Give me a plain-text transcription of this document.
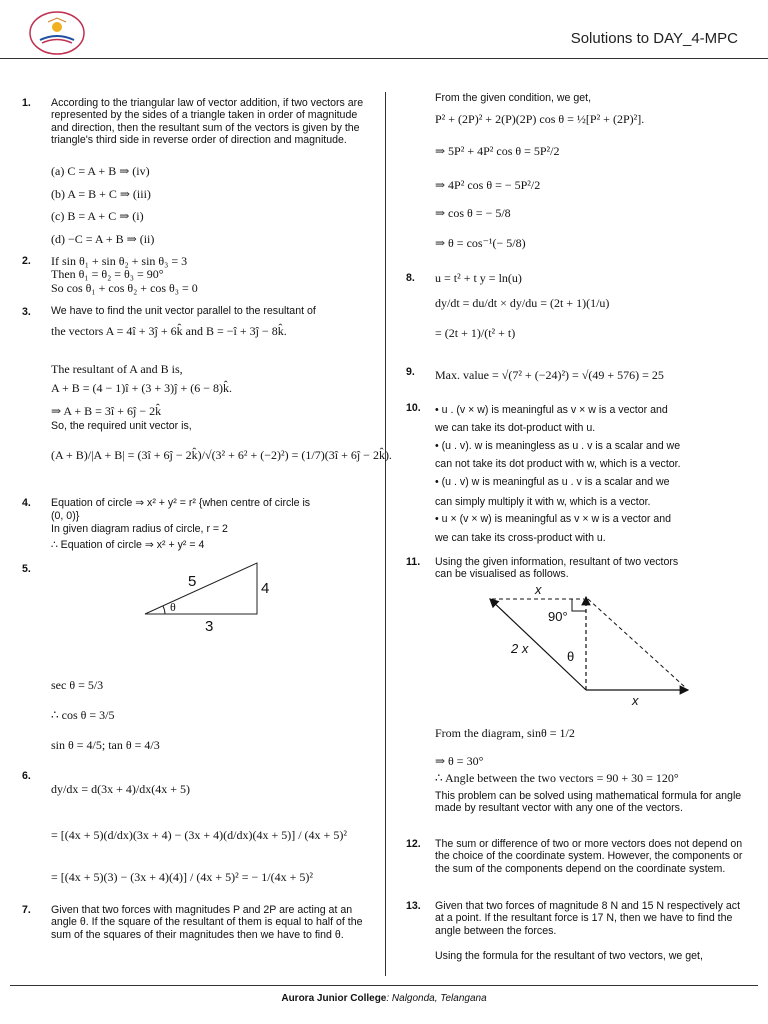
Solutions to DAY_4-MPC
1. According to the triangular law of vector addition, if two vectors are represented by the sides of a triangle taken in order of magnitude and direction, then the resultant sum of the vectors is given by the triangle's third side in reverse order of direction and magnitude.
(a) C = A + B ⇒ (iv)
(b) A = B + C ⇒ (iii)
(c) B = A + C ⇒ (i)
(d) −C = A + B ⇒ (ii)
2. If sin θ₁ + sin θ₂ + sin θ₃ = 3
Then θ₁ = θ₂ = θ₃ = 90°
So cos θ₁ + cos θ₂ + cos θ₃ = 0
3. We have to find the unit vector parallel to the resultant of
the vectors A = 4î + 3ĵ + 6k̂ and B = −î + 3ĵ − 8k̂.
The resultant of A and B is,
A + B = (4 − 1)î + (3 + 3)ĵ + (6 − 8)k̂.
⇒ A + B = 3î + 6ĵ − 2k̂
So, the required unit vector is,
(A + B)/|A + B| = (3î + 6ĵ − 2k̂)/√(3² + 6² + (−2)²) = (1/7)(3î + 6ĵ − 2k̂).
4. Equation of circle ⇒ x² + y² = r² {when centre of circle is
(0, 0)}
In given diagram radius of circle, r = 2
∴ Equation of circle ⇒ x² + y² = 4
5.
5	4
3
θ
sec θ = 5/3
∴ cos θ = 3/5
sin θ = 4/5; tan θ = 4/3
6.
dy/dx = d(3x + 4)/dx(4x + 5)
= [(4x + 5)(d/dx)(3x + 4) − (3x + 4)(d/dx)(4x + 5)] / (4x + 5)²
= [(4x + 5)(3) − (3x + 4)(4)] / (4x + 5)² = − 1/(4x + 5)²
7. Given that two forces with magnitudes P and 2P are acting at an angle θ. If the square of the resultant of them is equal to half of the sum of the squares of their magnitudes then we have to find θ.
From the given condition, we get,
P² + (2P)² + 2(P)(2P) cos θ = ½[P² + (2P)²].
⇒ 5P² + 4P² cos θ = 5P²/2
⇒ 4P² cos θ = − 5P²/2
⇒ cos θ = − 5/8
⇒ θ = cos⁻¹(− 5/8)
8. u = t² + t y = ln(u)
dy/dt = du/dt × dy/du = (2t + 1)(1/u)
= (2t + 1)/(t² + t)
9. Max. value = √(7² + (−24)²) = √(49 + 576) = 25
10. • u . (v × w) is meaningful as v × w is a vector and
we can take its dot-product with u.
• (u . v). w is meaningless as u . v is a scalar and we
can not take its dot product with w, which is a vector.
• (u . v) w is meaningful as u . v is a scalar and we
can simply multiply it with w, which is a vector.
• u × (v × w) is meaningful as v × w is a vector and
we can take its cross-product with u.
11. Using the given information, resultant of two vectors
can be visualised as follows.
x
90°
2 x
θ
x
From the diagram, sinθ = 1/2
⇒ θ = 30°
∴ Angle between the two vectors = 90 + 30 = 120°
This problem can be solved using mathematical formula for angle made by resultant vector with any one of the vectors.
12. The sum or difference of two or more vectors does not depend on the choice of the coordinate system. However, the components or the sum of the components depend on the coordinate system.
13. Given that two forces of magnitude 8 N and 15 N respectively act at a point. If the resultant force is 17 N, then we have to find the angle between the forces.
Using the formula for the resultant of two vectors, we get,
Aurora Junior College: Nalgonda, Telangana
